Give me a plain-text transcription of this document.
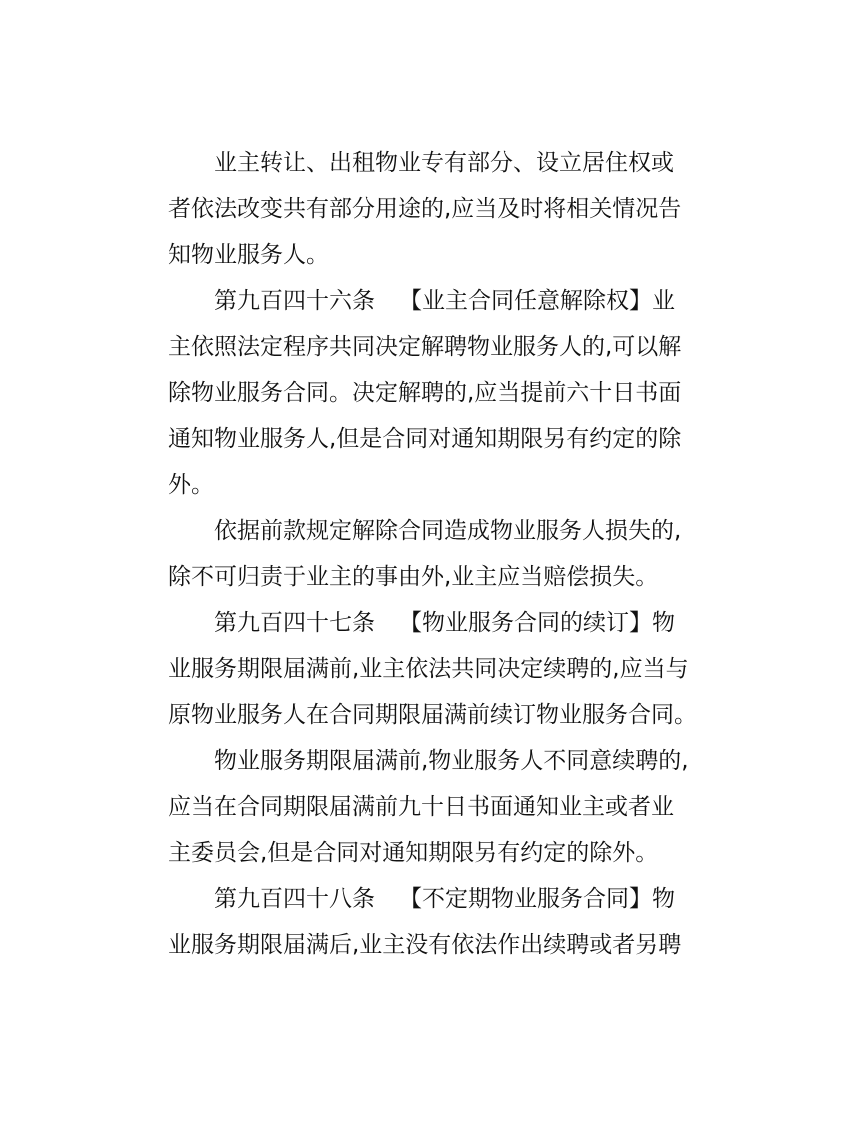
业主转让、出租物业专有部分、设立居住权或
者依法改变共有部分用途的,应当及时将相关情况告
知物业服务人。
第九百四十六条 【业主合同任意解除权】业
主依照法定程序共同决定解聘物业服务人的,可以解
除物业服务合同。决定解聘的,应当提前六十日书面
通知物业服务人,但是合同对通知期限另有约定的除
外。
依据前款规定解除合同造成物业服务人损失的,
除不可归责于业主的事由外,业主应当赔偿损失。
第九百四十七条 【物业服务合同的续订】物
业服务期限届满前,业主依法共同决定续聘的,应当与
原物业服务人在合同期限届满前续订物业服务合同。
物业服务期限届满前,物业服务人不同意续聘的,
应当在合同期限届满前九十日书面通知业主或者业
主委员会,但是合同对通知期限另有约定的除外。
第九百四十八条 【不定期物业服务合同】物
业服务期限届满后,业主没有依法作出续聘或者另聘
